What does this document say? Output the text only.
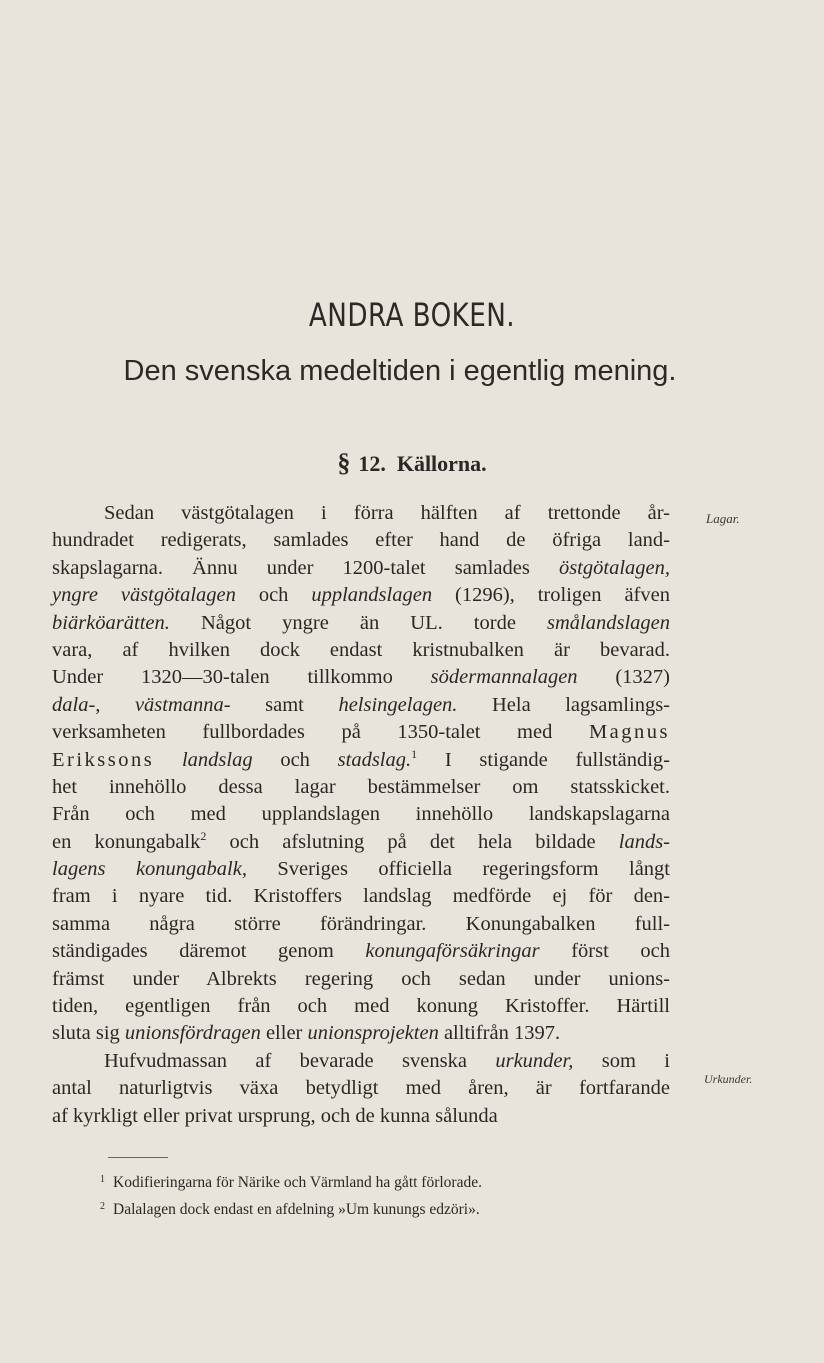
ANDRA BOKEN.
Den svenska medeltiden i egentlig mening.
§ 12. Källorna.
Sedan västgötalagen i förra hälften af trettonde år-
hundradet redigerats, samlades efter hand de öfriga land-
skapslagarna. Ännu under 1200-talet samlades östgötalagen,
yngre västgötalagen och upplandslagen (1296), troligen äfven
biärköarätten. Något yngre än UL. torde smålandslagen
vara, af hvilken dock endast kristnubalken är bevarad.
Under 1320—30-talen tillkommo södermannalagen (1327)
dala-, västmanna- samt helsingelagen. Hela lagsamlings-
verksamheten fullbordades på 1350-talet med Magnus
Erikssons landslag och stadslag.$^1$ I stigande fullständig-
het innehöllo dessa lagar bestämmelser om statsskicket.
Från och med upplandslagen innehöllo landskapslagarna
en konungabalk$^2$ och afslutning på det hela bildade lands-
lagens konungabalk, Sveriges officiella regeringsform långt
fram i nyare tid. Kristoffers landslag medförde ej för den-
samma några större förändringar. Konungabalken full-
ständigades däremot genom konungaförsäkringar först och
främst under Albrekts regering och sedan under unions-
tiden, egentligen från och med konung Kristoffer. Härtill
sluta sig unionsfördragen eller unionsprojekten alltifrån 1397.
Hufvudmassan af bevarade svenska urkunder, som i
antal naturligtvis växa betydligt med åren, är fortfarande
af kyrkligt eller privat ursprung, och de kunna sålunda
Lagar.
Urkunder.
$^1$ Kodifieringarna för Närike och Värmland ha gått förlorade.
$^2$ Dalalagen dock endast en afdelning »Um kunungs edzöri».
